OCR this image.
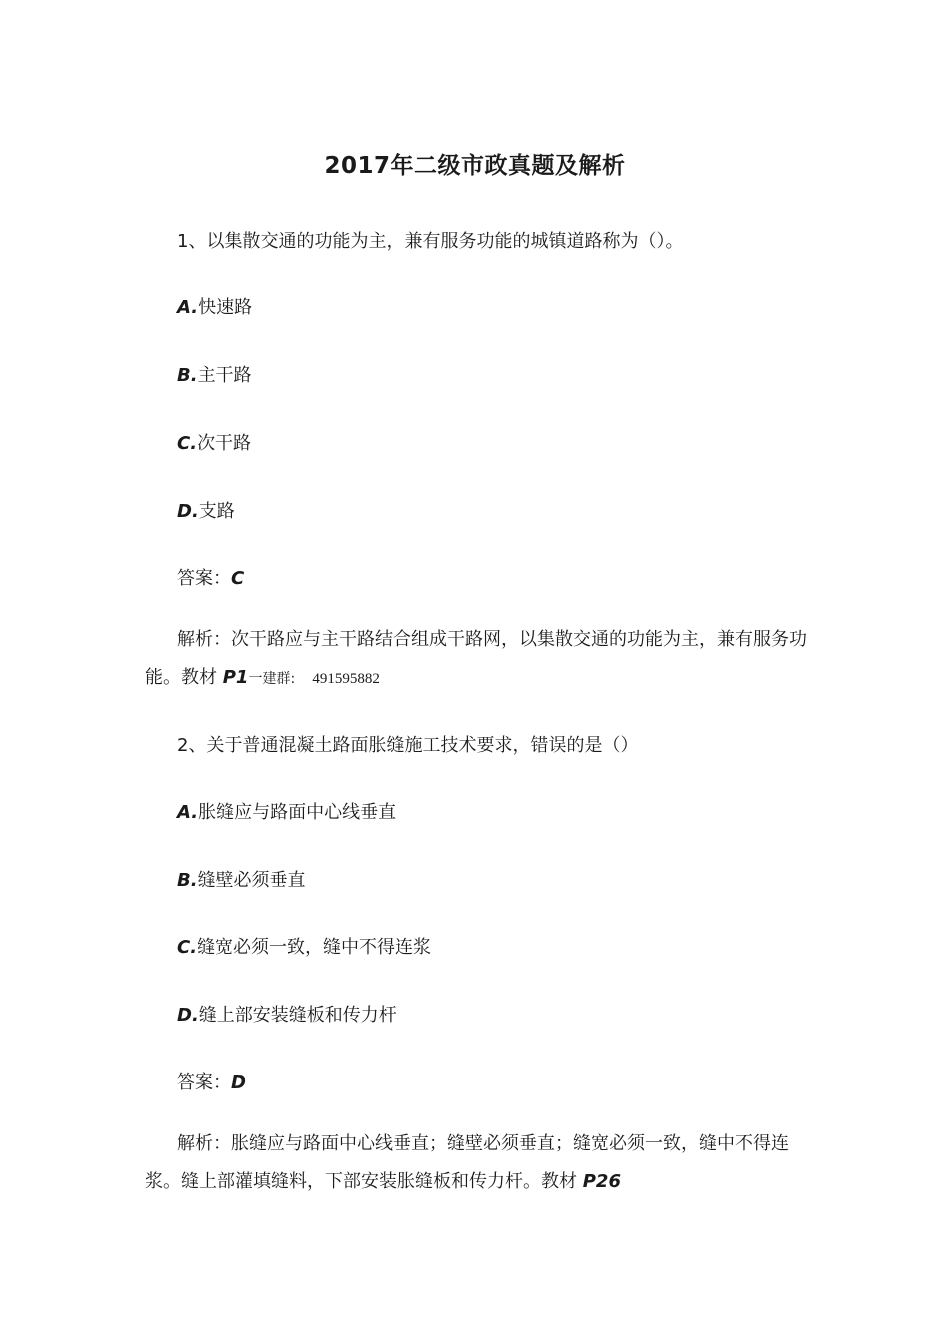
2017年二级市政真题及解析
1、以集散交通的功能为主，兼有服务功能的城镇道路称为（）。
A.快速路
B.主干路
C.次干路
D.支路
答案：C
解析：次干路应与主干路结合组成干路网，以集散交通的功能为主，兼有服务功能。教材 P1一建群: 491595882
2、关于普通混凝土路面胀缝施工技术要求，错误的是（）
A.胀缝应与路面中心线垂直
B.缝壁必须垂直
C.缝宽必须一致，缝中不得连浆
D.缝上部安装缝板和传力杆
答案：D
解析：胀缝应与路面中心线垂直；缝壁必须垂直；缝宽必须一致，缝中不得连浆。缝上部灌填缝料，下部安装胀缝板和传力杆。教材 P26
